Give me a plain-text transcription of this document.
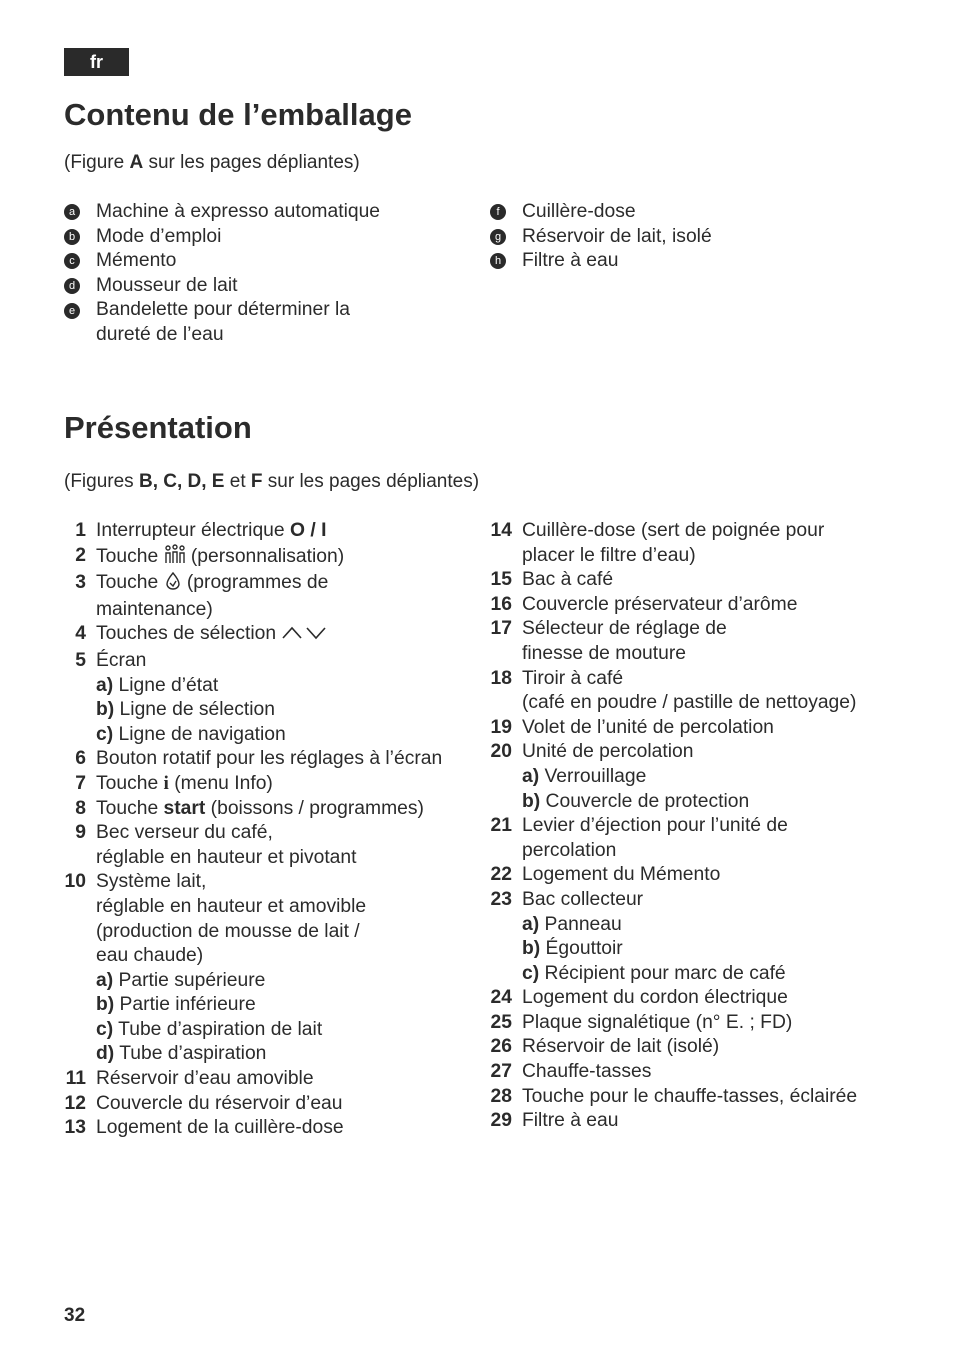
fr
Contenu de l’emballage

(Figure A sur les pages dépliantes)

a Machine à expresso automatique
b Mode d’emploi
c Mémento
d Mousseur de lait
e Bandelette pour déterminer la
dureté de l’eau
f	Cuillère-dose
g Réservoir de lait, isolé
h Filtre à eau
Présentation

(Figures B, C, D, E et F sur les pages dépliantes)

1 Interrupteur électrique O / I
2 Touche  (personnalisation)
3 Touche  (programmes de
maintenance)
4 Touches de sélection
5 Écran
a) Ligne d’état
b) Ligne de sélection
c) Ligne de navigation
6 Bouton rotatif pour les réglages à l’écran
7 Touche i (menu Info)
8 Touche start (boissons / programmes)
9 Bec verseur du café,
réglable en hauteur et pivotant
10 Système lait,
réglable en hauteur et amovible
(production de mousse de lait /
eau chaude)
a) Partie supérieure
b) Partie inférieure
c) Tube d’aspiration de lait
d) Tube d’aspiration
11 Réservoir d’eau amovible
12 Couvercle du réservoir d’eau
13 Logement de la cuillère-dose
14 Cuillère-dose (sert de poignée pour
placer le filtre d’eau)
15 Bac à café
16 Couvercle préservateur d’arôme
17 Sélecteur de réglage de
finesse de mouture
18 Tiroir à café
(café en poudre / pastille de nettoyage)
19 Volet de l’unité de percolation
20 Unité de percolation
a) Verrouillage
b) Couvercle de protection
21 Levier d’éjection pour l’unité de
percolation
22 Logement du Mémento
23 Bac collecteur
a) Panneau
b) Égouttoir
c) Récipient pour marc de café
24 Logement du cordon électrique
25 Plaque signalétique (n° E. ; FD)
26 Réservoir de lait (isolé)
27 Chauffe-tasses
28 Touche pour le chauffe-tasses, éclairée
29 Filtre à eau
32
